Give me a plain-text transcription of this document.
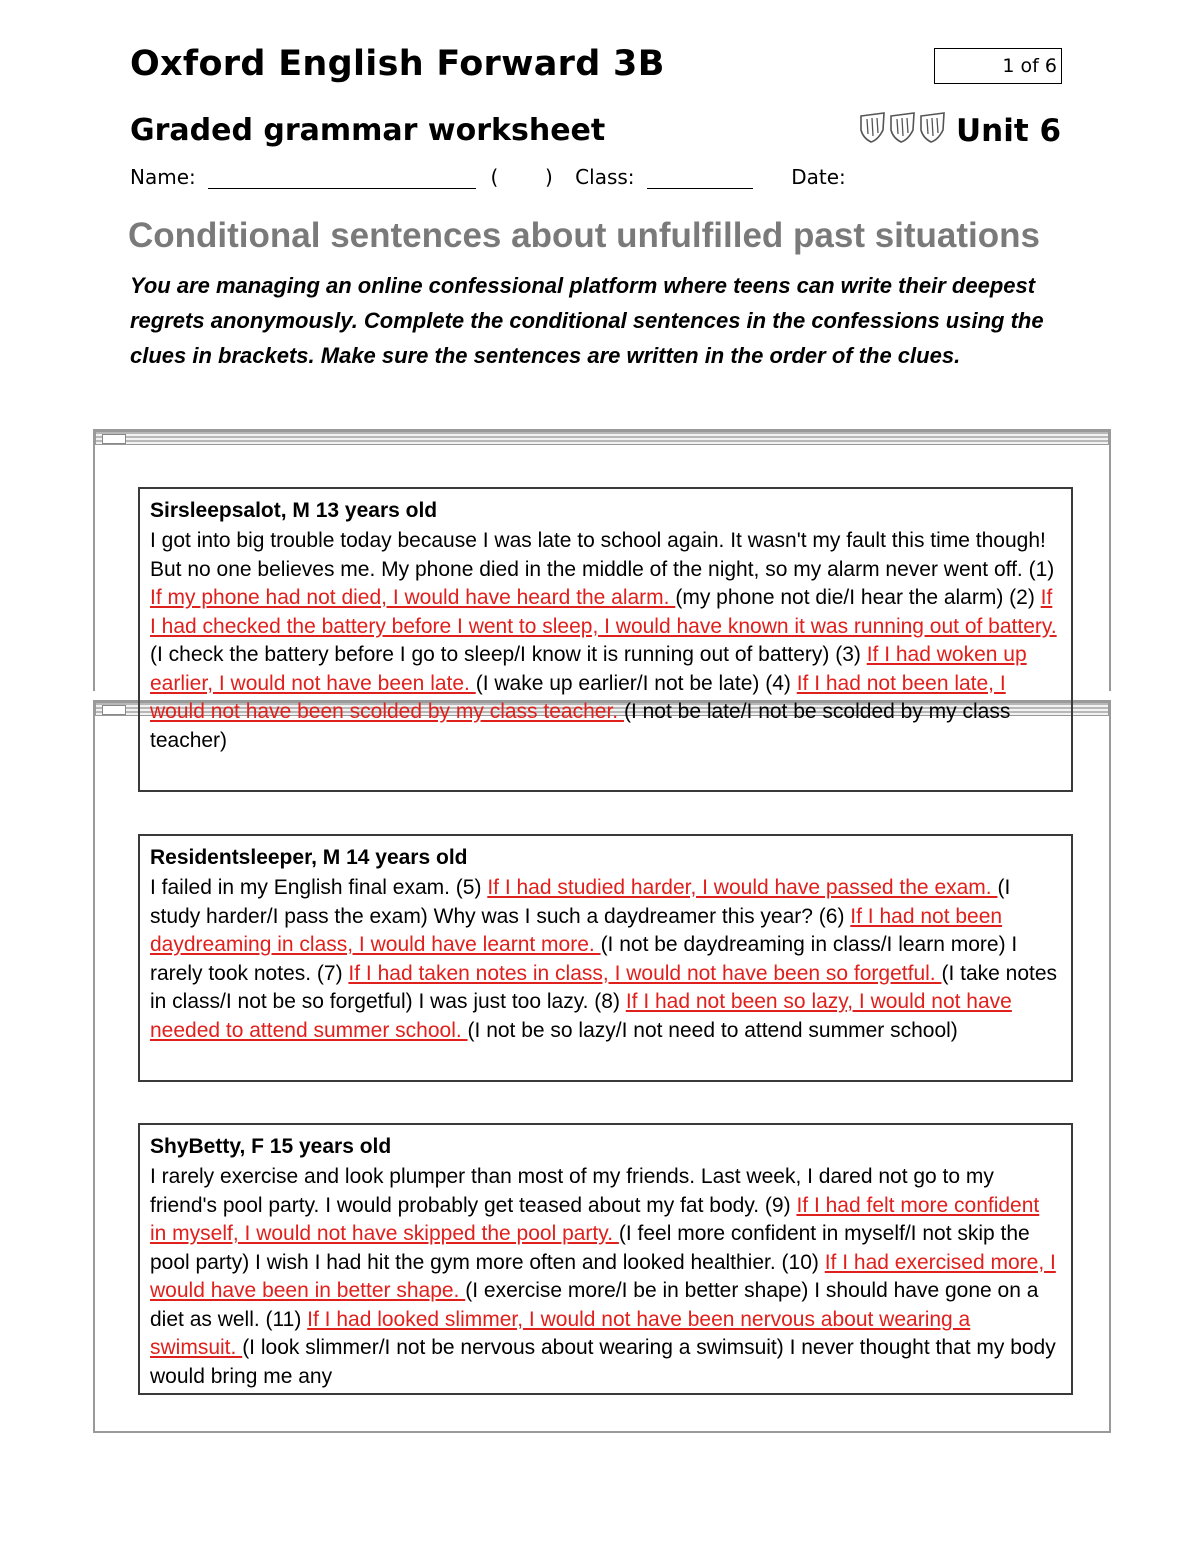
Oxford English Forward 3B	1 of 6
Graded grammar worksheet	Unit 6
Name:	( ) Class:	Date:
Conditional sentences about unfulfilled past situations
You are managing an online confessional platform where teens can write their deepest regrets anonymously. Complete the conditional sentences in the confessions using the clues in brackets. Make sure the sentences are written in the order of the clues.
Sirsleepsalot, M 13 years old
I got into big trouble today because I was late to school again. It wasn't my fault this time though! But no one believes me. My phone died in the middle of the night, so my alarm never went off. (1) If my phone had not died, I would have heard the alarm. (my phone not die/I hear the alarm) (2) If I had checked the battery before I went to sleep, I would have known it was running out of battery. (I check the battery before I go to sleep/I know it is running out of battery) (3) If I had woken up earlier, I would not have been late. (I wake up earlier/I not be late) (4) If I had not been late, I would not have been scolded by my class teacher. (I not be late/I not be scolded by my class teacher)
Residentsleeper, M 14 years old
I failed in my English final exam. (5) If I had studied harder, I would have passed the exam. (I study harder/I pass the exam) Why was I such a daydreamer this year? (6) If I had not been daydreaming in class, I would have learnt more. (I not be daydreaming in class/I learn more) I rarely took notes. (7) If I had taken notes in class, I would not have been so forgetful. (I take notes in class/I not be so forgetful) I was just too lazy. (8) If I had not been so lazy, I would not have needed to attend summer school. (I not be so lazy/I not need to attend summer school)
ShyBetty, F 15 years old
I rarely exercise and look plumper than most of my friends. Last week, I dared not go to my friend's pool party. I would probably get teased about my fat body. (9) If I had felt more confident in myself, I would not have skipped the pool party. (I feel more confident in myself/I not skip the pool party) I wish I had hit the gym more often and looked healthier. (10) If I had exercised more, I would have been in better shape. (I exercise more/I be in better shape) I should have gone on a diet as well. (11) If I had looked slimmer, I would not have been nervous about wearing a swimsuit. (I look slimmer/I not be nervous about wearing a swimsuit) I never thought that my body would bring me any
